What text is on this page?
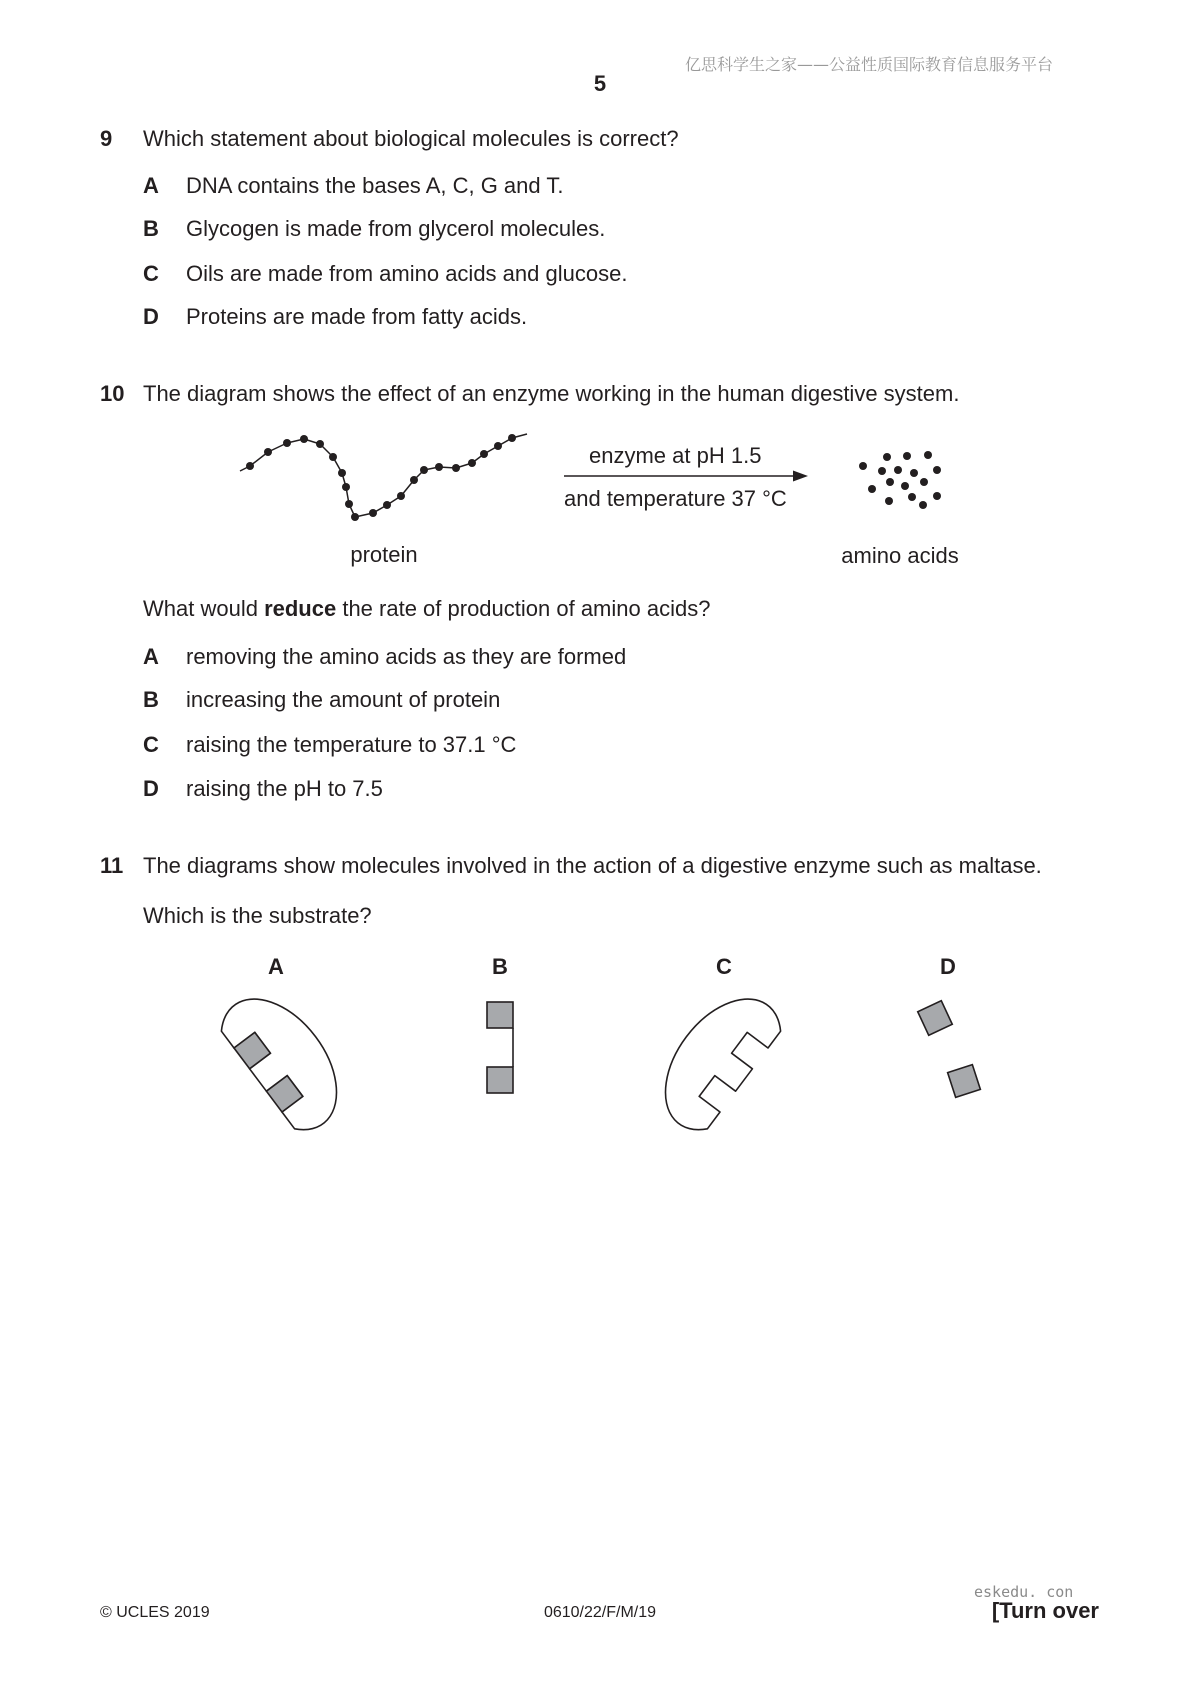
亿思科学生之家——公益性质国际教育信息服务平台
5
9 Which statement about biological molecules is correct?
A DNA contains the bases A, C, G and T.
B Glycogen is made from glycerol molecules.
C Oils are made from amino acids and glucose.
D Proteins are made from fatty acids.
10 The diagram shows the effect of an enzyme working in the human digestive system.
enzyme at pH 1.5
and temperature 37 °C
protein	amino acids
What would reduce the rate of production of amino acids?
A removing the amino acids as they are formed
B increasing the amount of protein
C raising the temperature to 37.1 °C
D raising the pH to 7.5
11 The diagrams show molecules involved in the action of a digestive enzyme such as maltase.
Which is the substrate?
A	B	C	D
eskedu. con
© UCLES 2019	0610/22/F/M/19	[Turn over
